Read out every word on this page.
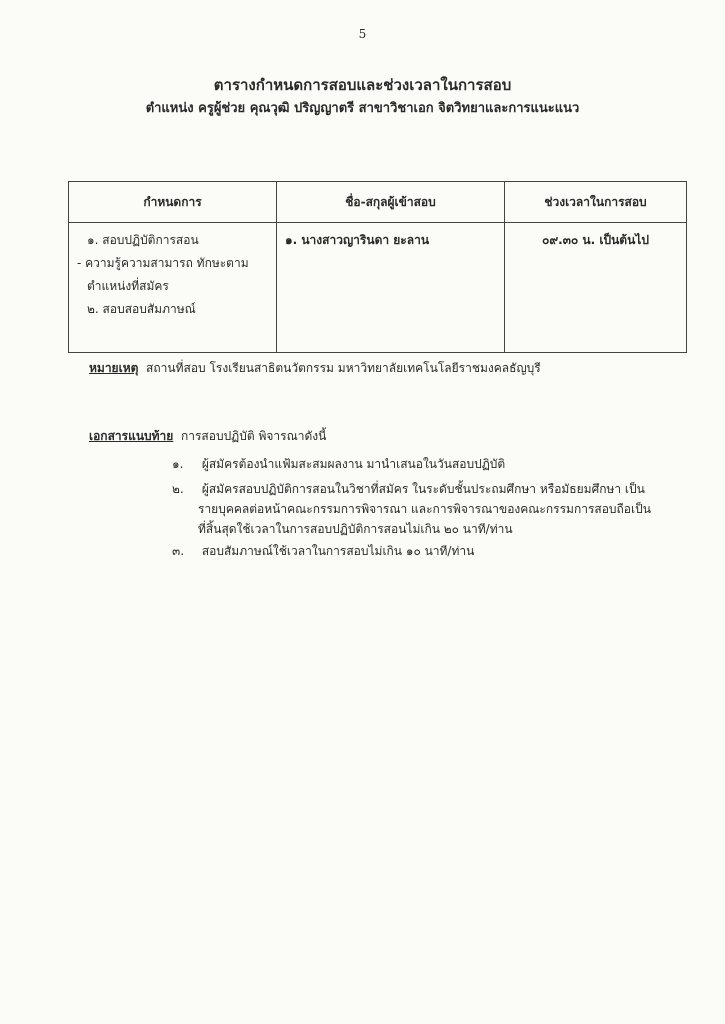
5
ตารางกำหนดการสอบและช่วงเวลาในการสอบ
ตำแหน่ง ครูผู้ช่วย คุณวุฒิ ปริญญาตรี สาขาวิชาเอก จิตวิทยาและการแนะแนว
กำหนดการ	ชื่อ-สกุลผู้เข้าสอบ	ช่วงเวลาในการสอบ

๑. สอบปฏิบัติการสอน
- ความรู้ความสามารถ ทักษะตาม
ตำแหน่งที่สมัคร
๒. สอบสอบสัมภาษณ์	๑. นางสาวญารินดา ยะลาน	๐๙.๓๐ น. เป็นต้นไป
หมายเหตุ สถานที่สอบ โรงเรียนสาธิตนวัตกรรม มหาวิทยาลัยเทคโนโลยีราชมงคลธัญบุรี
เอกสารแนบท้าย การสอบปฏิบัติ พิจารณาดังนี้
๑. ผู้สมัครต้องนำแฟ้มสะสมผลงาน มานำเสนอในวันสอบปฏิบัติ
๒. ผู้สมัครสอบปฏิบัติการสอนในวิชาที่สมัคร ในระดับชั้นประถมศึกษา หรือมัธยมศึกษา เป็น
รายบุคคลต่อหน้าคณะกรรมการพิจารณา และการพิจารณาของคณะกรรมการสอบถือเป็น
ที่สิ้นสุดใช้เวลาในการสอบปฏิบัติการสอนไม่เกิน ๒๐ นาที/ท่าน
๓. สอบสัมภาษณ์ใช้เวลาในการสอบไม่เกิน ๑๐ นาที/ท่าน
